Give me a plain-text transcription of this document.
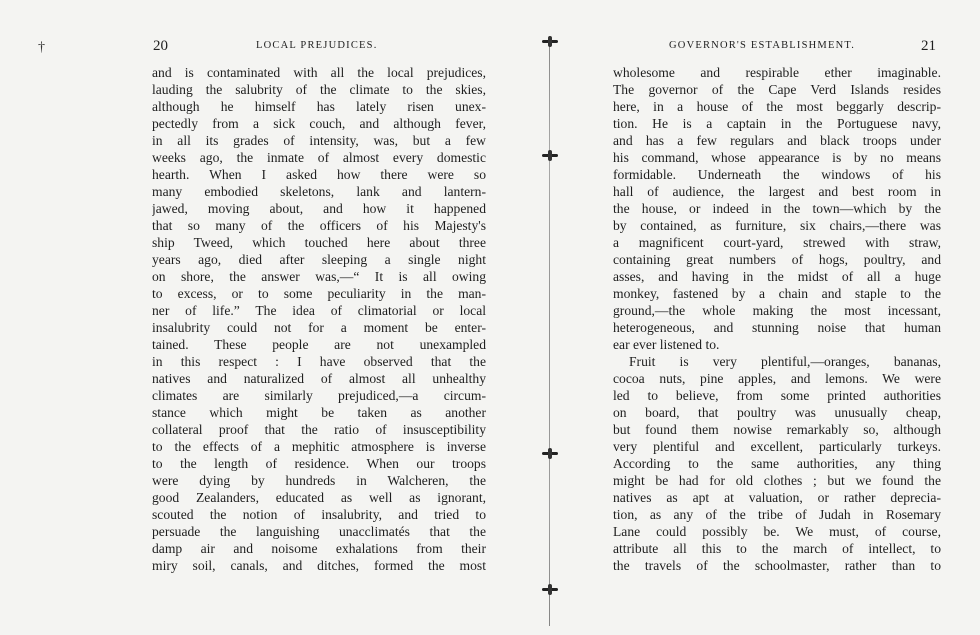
†	20	LOCAL PREJUDICES.
and is contaminated with all the local prejudices,
lauding the salubrity of the climate to the skies,
although he himself has lately risen unex-
pectedly from a sick couch, and although fever,
in all its grades of intensity, was, but a few
weeks ago, the inmate of almost every domestic
hearth. When I asked how there were so
many embodied skeletons, lank and lantern-
jawed, moving about, and how it happened
that so many of the officers of his Majesty's
ship Tweed, which touched here about three
years ago, died after sleeping a single night
on shore, the answer was,—“ It is all owing
to excess, or to some peculiarity in the man-
ner of life.” The idea of climatorial or local
insalubrity could not for a moment be enter-
tained. These people are not unexampled
in this respect : I have observed that the
natives and naturalized of almost all unhealthy
climates are similarly prejudiced,—a circum-
stance which might be taken as another
collateral proof that the ratio of insusceptibility
to the effects of a mephitic atmosphere is inverse
to the length of residence. When our troops
were dying by hundreds in Walcheren, the
good Zealanders, educated as well as ignorant,
scouted the notion of insalubrity, and tried to
persuade the languishing unacclimatés that the
damp air and noisome exhalations from their
miry soil, canals, and ditches, formed the most
GOVERNOR'S ESTABLISHMENT.	21
wholesome and respirable ether imaginable.
The governor of the Cape Verd Islands resides
here, in a house of the most beggarly descrip-
tion. He is a captain in the Portuguese navy,
and has a few regulars and black troops under
his command, whose appearance is by no means
formidable. Underneath the windows of his
hall of audience, the largest and best room in
the house, or indeed in the town—which by the
by contained, as furniture, six chairs,—there was
a magnificent court-yard, strewed with straw,
containing great numbers of hogs, poultry, and
asses, and having in the midst of all a huge
monkey, fastened by a chain and staple to the
ground,—the whole making the most incessant,
heterogeneous, and stunning noise that human
ear ever listened to.
Fruit is very plentiful,—oranges, bananas,
cocoa nuts, pine apples, and lemons. We were
led to believe, from some printed authorities
on board, that poultry was unusually cheap,
but found them nowise remarkably so, although
very plentiful and excellent, particularly turkeys.
According to the same authorities, any thing
might be had for old clothes ; but we found the
natives as apt at valuation, or rather deprecia-
tion, as any of the tribe of Judah in Rosemary
Lane could possibly be. We must, of course,
attribute all this to the march of intellect, to
the travels of the schoolmaster, rather than to
